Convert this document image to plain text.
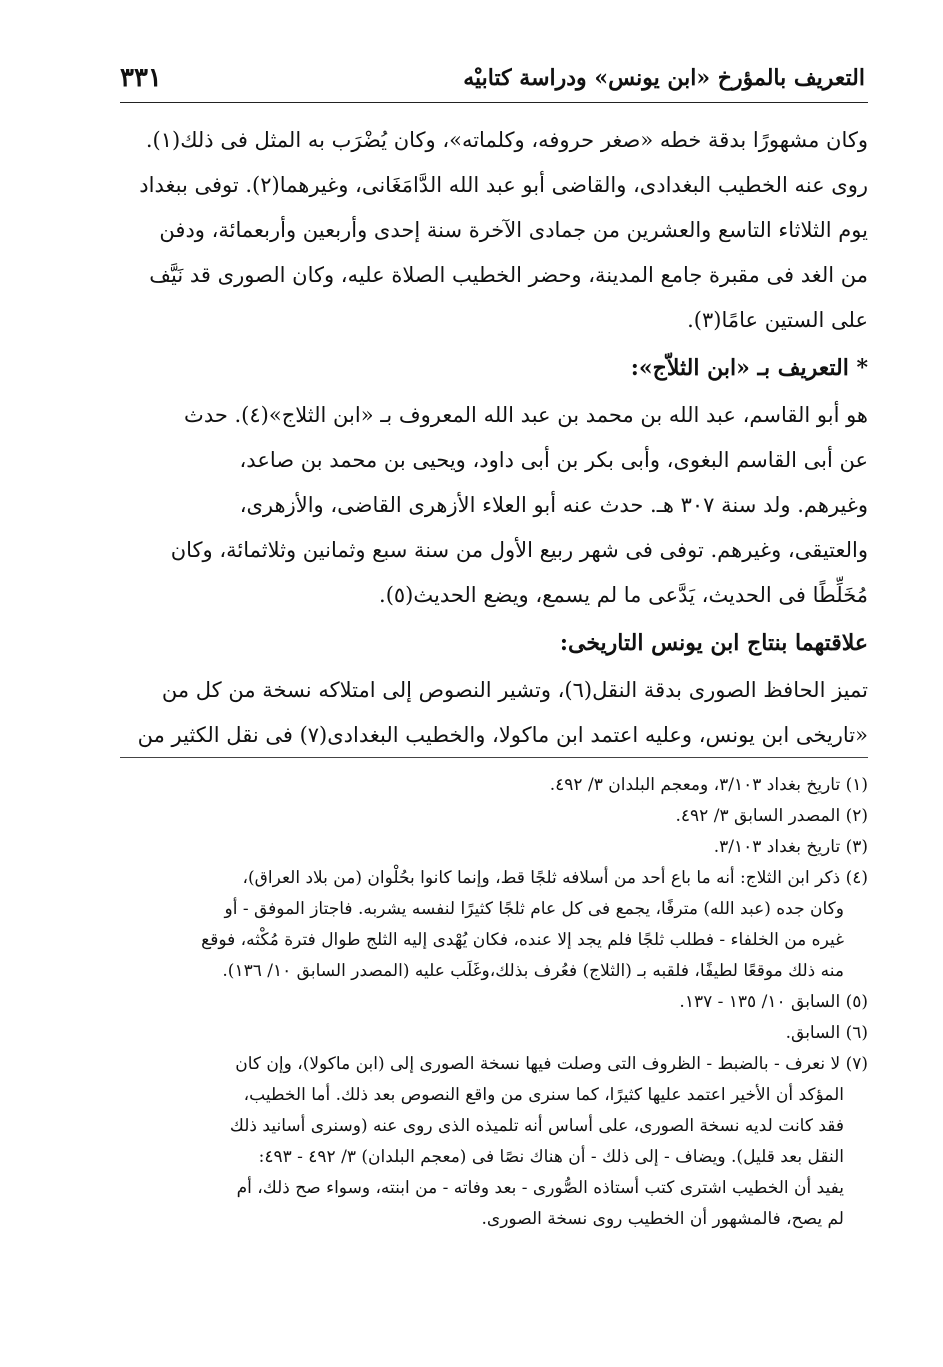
التعريف بالمؤرخ «ابن يونس» ودراسة كتابيْه
٣٣١

وكان مشهورًا بدقة خطه «صغر حروفه، وكلماته»، وكان يُضْرَب به المثل فى ذلك(١).

روى عنه الخطيب البغدادى، والقاضى أبو عبد الله الدَّامَغَانى، وغيرهما(٢). توفى ببغداد

يوم الثلاثاء التاسع والعشرين من جمادى الآخرة سنة إحدى وأربعين وأربعمائة، ودفن

من الغد فى مقبرة جامع المدينة، وحضر الخطيب الصلاة عليه، وكان الصورى قد نَيَّف

على الستين عامًا(٣).

* التعريف بـ «ابن الثلاّج»:

هو أبو القاسم، عبد الله بن محمد بن عبد الله المعروف بـ «ابن الثلاج»(٤). حدث

عن أبى القاسم البغوى، وأبى بكر بن أبى داود، ويحيى بن محمد بن صاعد،

وغيرهم. ولد سنة ٣٠٧ هـ. حدث عنه أبو العلاء الأزهرى القاضى، والأزهرى،

والعتيقى، وغيرهم. توفى فى شهر ربيع الأول من سنة سبع وثمانين وثلاثمائة، وكان

مُخَلِّطًا فى الحديث، يَدَّعى ما لم يسمع، ويضع الحديث(٥).

علاقتهما بنتاج ابن يونس التاريخى:

تميز الحافظ الصورى بدقة النقل(٦)، وتشير النصوص إلى امتلاكه نسخة من كل من

«تاريخى ابن يونس، وعليه اعتمد ابن ماكولا، والخطيب البغدادى(٧) فى نقل الكثير من

(١) تاريخ بغداد ٣/١٠٣، ومعجم البلدان ٣/ ٤٩٢.

(٢) المصدر السابق ٣/ ٤٩٢.

(٣) تاريخ بغداد ٣/١٠٣.

(٤) ذكر ابن الثلاج: أنه ما باع أحد من أسلافه ثلجًا قط، وإنما كانوا بحُلْوان (من بلاد العراق)،
وكان جده (عبد الله) مترفًا، يجمع فى كل عام ثلجًا كثيرًا لنفسه يشربه. فاجتاز الموفق - أو
غيره من الخلفاء - فطلب ثلجًا فلم يجد إلا عنده، فكان يُهْدى إليه الثلج طوال فترة مُكْثه، فوقع
منه ذلك موقعًا لطيفًا، فلقبه بـ (الثلاج) فعُرف بذلك،وغَلَب عليه (المصدر السابق ١٠/ ١٣٦).

(٥) السابق ١٠/ ١٣٥ - ١٣٧.

(٦) السابق.

(٧) لا نعرف - بالضبط - الظروف التى وصلت فيها نسخة الصورى إلى (ابن ماكولا)، وإن كان
المؤكد أن الأخير اعتمد عليها كثيرًا، كما سنرى من واقع النصوص بعد ذلك. أما الخطيب،
فقد كانت لديه نسخة الصورى، على أساس أنه تلميذه الذى روى عنه (وسنرى أسانيد ذلك
النقل بعد قليل). ويضاف - إلى ذلك - أن هناك نصًا فى (معجم البلدان) ٣/ ٤٩٢ - ٤٩٣:
يفيد أن الخطيب اشترى كتب أستاذه الصُّورى - بعد وفاته - من ابنته، وسواء صح ذلك، أم
لم يصح، فالمشهور أن الخطيب روى نسخة الصورى.
